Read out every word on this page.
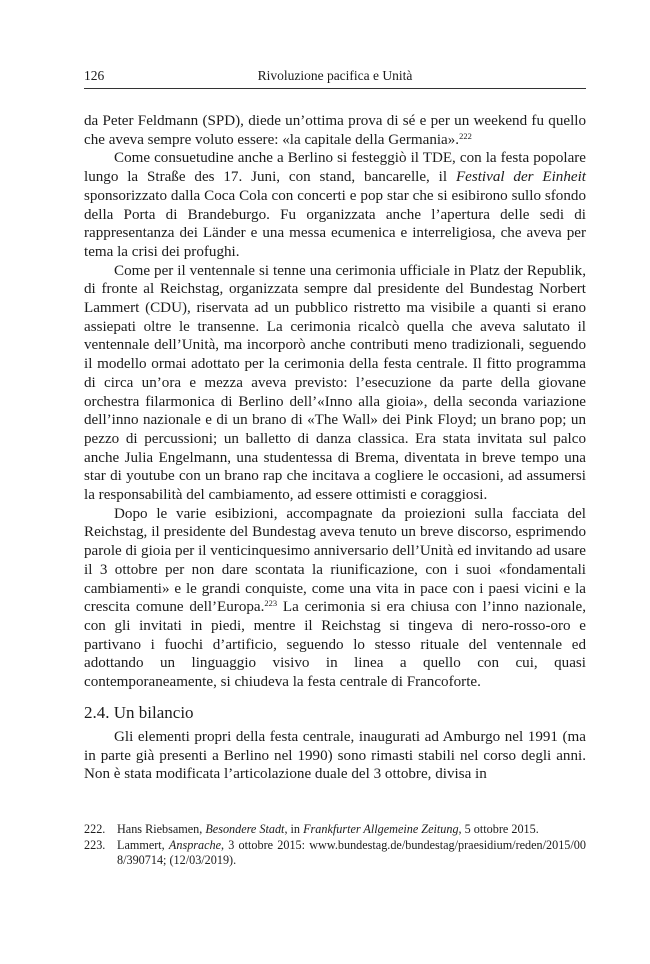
126	Rivoluzione pacifica e Unità

da Peter Feldmann (SPD), diede un’ottima prova di sé e per un weekend fu quello che aveva sempre voluto essere: «la capitale della Germania».$^{222}$

Come consuetudine anche a Berlino si festeggiò il TDE, con la festa popolare lungo la Straße des 17. Juni, con stand, bancarelle, il Festival der Einheit sponsorizzato dalla Coca Cola con concerti e pop star che si esibirono sullo sfondo della Porta di Brandeburgo. Fu organizzata anche l’apertura delle sedi di rappresentanza dei Länder e una messa ecumenica e interreligiosa, che aveva per tema la crisi dei profughi.

Come per il ventennale si tenne una cerimonia ufficiale in Platz der Republik, di fronte al Reichstag, organizzata sempre dal presidente del Bundestag Norbert Lammert (CDU), riservata ad un pubblico ristretto ma visibile a quanti si erano assiepati oltre le transenne. La cerimonia ricalcò quella che aveva salutato il ventennale dell’Unità, ma incorporò anche contributi meno tradizionali, seguendo il modello ormai adottato per la cerimonia della festa centrale. Il fitto programma di circa un’ora e mezza aveva previsto: l’esecuzione da parte della giovane orchestra filarmonica di Berlino dell’«Inno alla gioia», della seconda variazione dell’inno nazionale e di un brano di «The Wall» dei Pink Floyd; un brano pop; un pezzo di percussioni; un balletto di danza classica. Era stata invitata sul palco anche Julia Engelmann, una studentessa di Brema, diventata in breve tempo una star di youtube con un brano rap che incitava a cogliere le occasioni, ad assumersi la responsabilità del cambiamento, ad essere ottimisti e coraggiosi.

Dopo le varie esibizioni, accompagnate da proiezioni sulla facciata del Reichstag, il presidente del Bundestag aveva tenuto un breve discorso, esprimendo parole di gioia per il venticinquesimo anniversario dell’Unità ed invitando ad usare il 3 ottobre per non dare scontata la riunificazione, con i suoi «fondamentali cambiamenti» e le grandi conquiste, come una vita in pace con i paesi vicini e la crescita comune dell’Europa.$^{223}$ La cerimonia si era chiusa con l’inno nazionale, con gli invitati in piedi, mentre il Reichstag si tingeva di nero-rosso-oro e partivano i fuochi d’artificio, seguendo lo stesso rituale del ventennale ed adottando un linguaggio visivo in linea a quello con cui, quasi contemporaneamente, si chiudeva la festa centrale di Francoforte.

2.4. Un bilancio

Gli elementi propri della festa centrale, inaugurati ad Amburgo nel 1991 (ma in parte già presenti a Berlino nel 1990) sono rimasti stabili nel corso degli anni. Non è stata modificata l’articolazione duale del 3 ottobre, divisa in

222. Hans Riebsamen, Besondere Stadt, in Frankfurter Allgemeine Zeitung, 5 ottobre 2015.
223. Lammert, Ansprache, 3 ottobre 2015: www.bundestag.de/bundestag/praesidium/reden/2015/008/390714; (12/03/2019).
